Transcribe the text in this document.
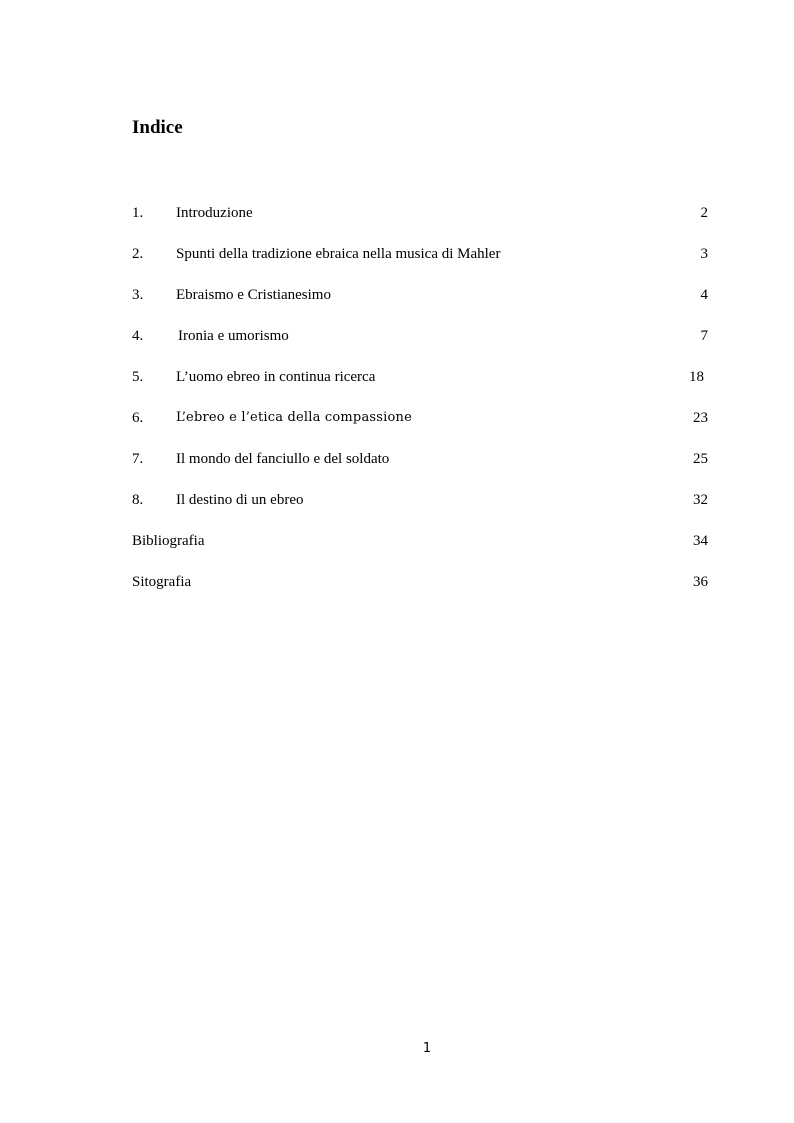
Indice
1. Introduzione	2
2. Spunti della tradizione ebraica nella musica di Mahler	3
3. Ebraismo e Cristianesimo	4
4. Ironia e umorismo	7
5. L’uomo ebreo in continua ricerca	18
6.	L’ebreo e l’etica della compassione	23
7. Il mondo del fanciullo e del soldato	25
8. Il destino di un ebreo	32
Bibliografia	34
Sitografia	36
1
